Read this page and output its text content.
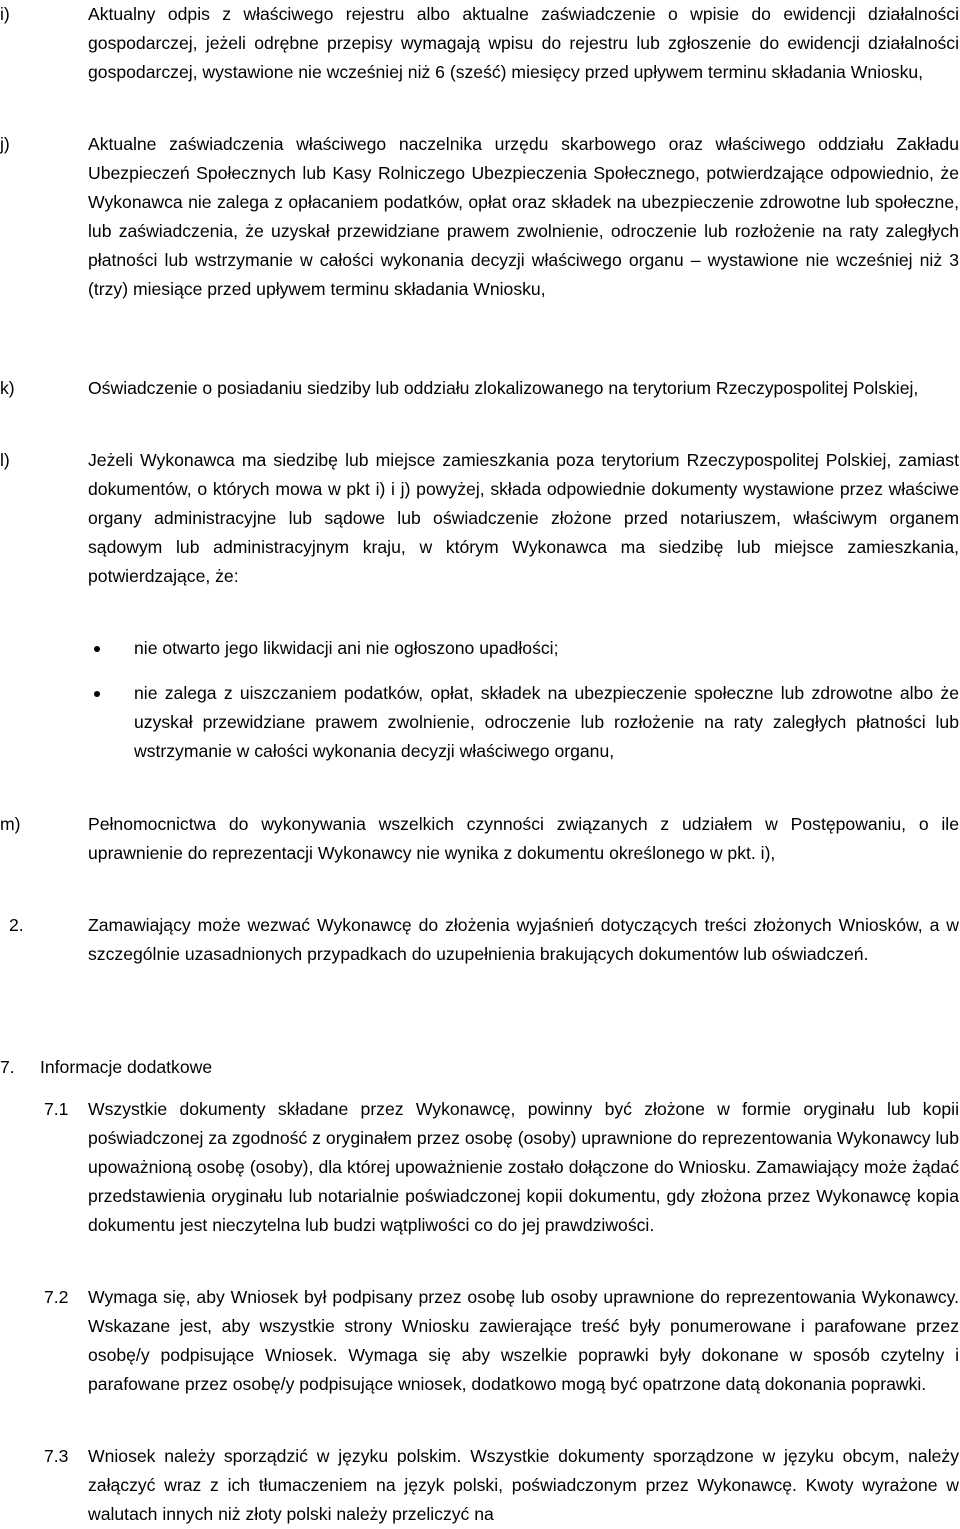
i)	Aktualny odpis z właściwego rejestru albo aktualne zaświadczenie o wpisie do ewidencji działalności gospodarczej, jeżeli odrębne przepisy wymagają wpisu do rejestru lub zgłoszenie do ewidencji działalności gospodarczej, wystawione nie wcześniej niż 6 (sześć) miesięcy przed upływem terminu składania Wniosku,
j)	Aktualne zaświadczenia właściwego naczelnika urzędu skarbowego oraz właściwego oddziału Zakładu Ubezpieczeń Społecznych lub Kasy Rolniczego Ubezpieczenia Społecznego, potwierdzające odpowiednio, że Wykonawca nie zalega z opłacaniem podatków, opłat oraz składek na ubezpieczenie zdrowotne lub społeczne, lub zaświadczenia, że uzyskał przewidziane prawem zwolnienie, odroczenie lub rozłożenie na raty zaległych płatności lub wstrzymanie w całości wykonania decyzji właściwego organu – wystawione nie wcześniej niż 3 (trzy) miesiące przed upływem terminu składania Wniosku,
k)	Oświadczenie o posiadaniu siedziby lub oddziału zlokalizowanego na terytorium Rzeczypospolitej Polskiej,
l)	Jeżeli Wykonawca ma siedzibę lub miejsce zamieszkania poza terytorium Rzeczypospolitej Polskiej, zamiast dokumentów, o których mowa w pkt i) i j) powyżej, składa odpowiednie dokumenty wystawione przez właściwe organy administracyjne lub sądowe lub oświadczenie złożone przed notariuszem, właściwym organem sądowym lub administracyjnym kraju, w którym Wykonawca ma siedzibę lub miejsce zamieszkania, potwierdzające, że:
nie otwarto jego likwidacji ani nie ogłoszono upadłości;
nie zalega z uiszczaniem podatków, opłat, składek na ubezpieczenie społeczne lub zdrowotne albo że uzyskał przewidziane prawem zwolnienie, odroczenie lub rozłożenie na raty zaległych płatności lub wstrzymanie w całości wykonania decyzji właściwego organu,
m)	Pełnomocnictwa do wykonywania wszelkich czynności związanych z udziałem w Postępowaniu, o ile uprawnienie do reprezentacji Wykonawcy nie wynika z dokumentu określonego w pkt. i),
2.	Zamawiający może wezwać Wykonawcę do złożenia wyjaśnień dotyczących treści złożonych Wniosków, a w szczególnie uzasadnionych przypadkach do uzupełnienia brakujących dokumentów lub oświadczeń.
7. Informacje dodatkowe
7.1 Wszystkie dokumenty składane przez Wykonawcę, powinny być złożone w formie oryginału lub kopii poświadczonej za zgodność z oryginałem przez osobę (osoby) uprawnione do reprezentowania Wykonawcy lub upoważnioną osobę (osoby), dla której upoważnienie zostało dołączone do Wniosku. Zamawiający może żądać przedstawienia oryginału lub notarialnie poświadczonej kopii dokumentu, gdy złożona przez Wykonawcę kopia dokumentu jest nieczytelna lub budzi wątpliwości co do jej prawdziwości.
7.2 Wymaga się, aby Wniosek był podpisany przez osobę lub osoby uprawnione do reprezentowania Wykonawcy. Wskazane jest, aby wszystkie strony Wniosku zawierające treść były ponumerowane i parafowane przez osobę/y podpisujące Wniosek. Wymaga się aby wszelkie poprawki były dokonane w sposób czytelny i parafowane przez osobę/y podpisujące wniosek, dodatkowo mogą być opatrzone datą dokonania poprawki.
7.3 Wniosek należy sporządzić w języku polskim. Wszystkie dokumenty sporządzone w języku obcym, należy załączyć wraz z ich tłumaczeniem na język polski, poświadczonym przez Wykonawcę. Kwoty wyrażone w walutach innych niż złoty polski należy przeliczyć na
